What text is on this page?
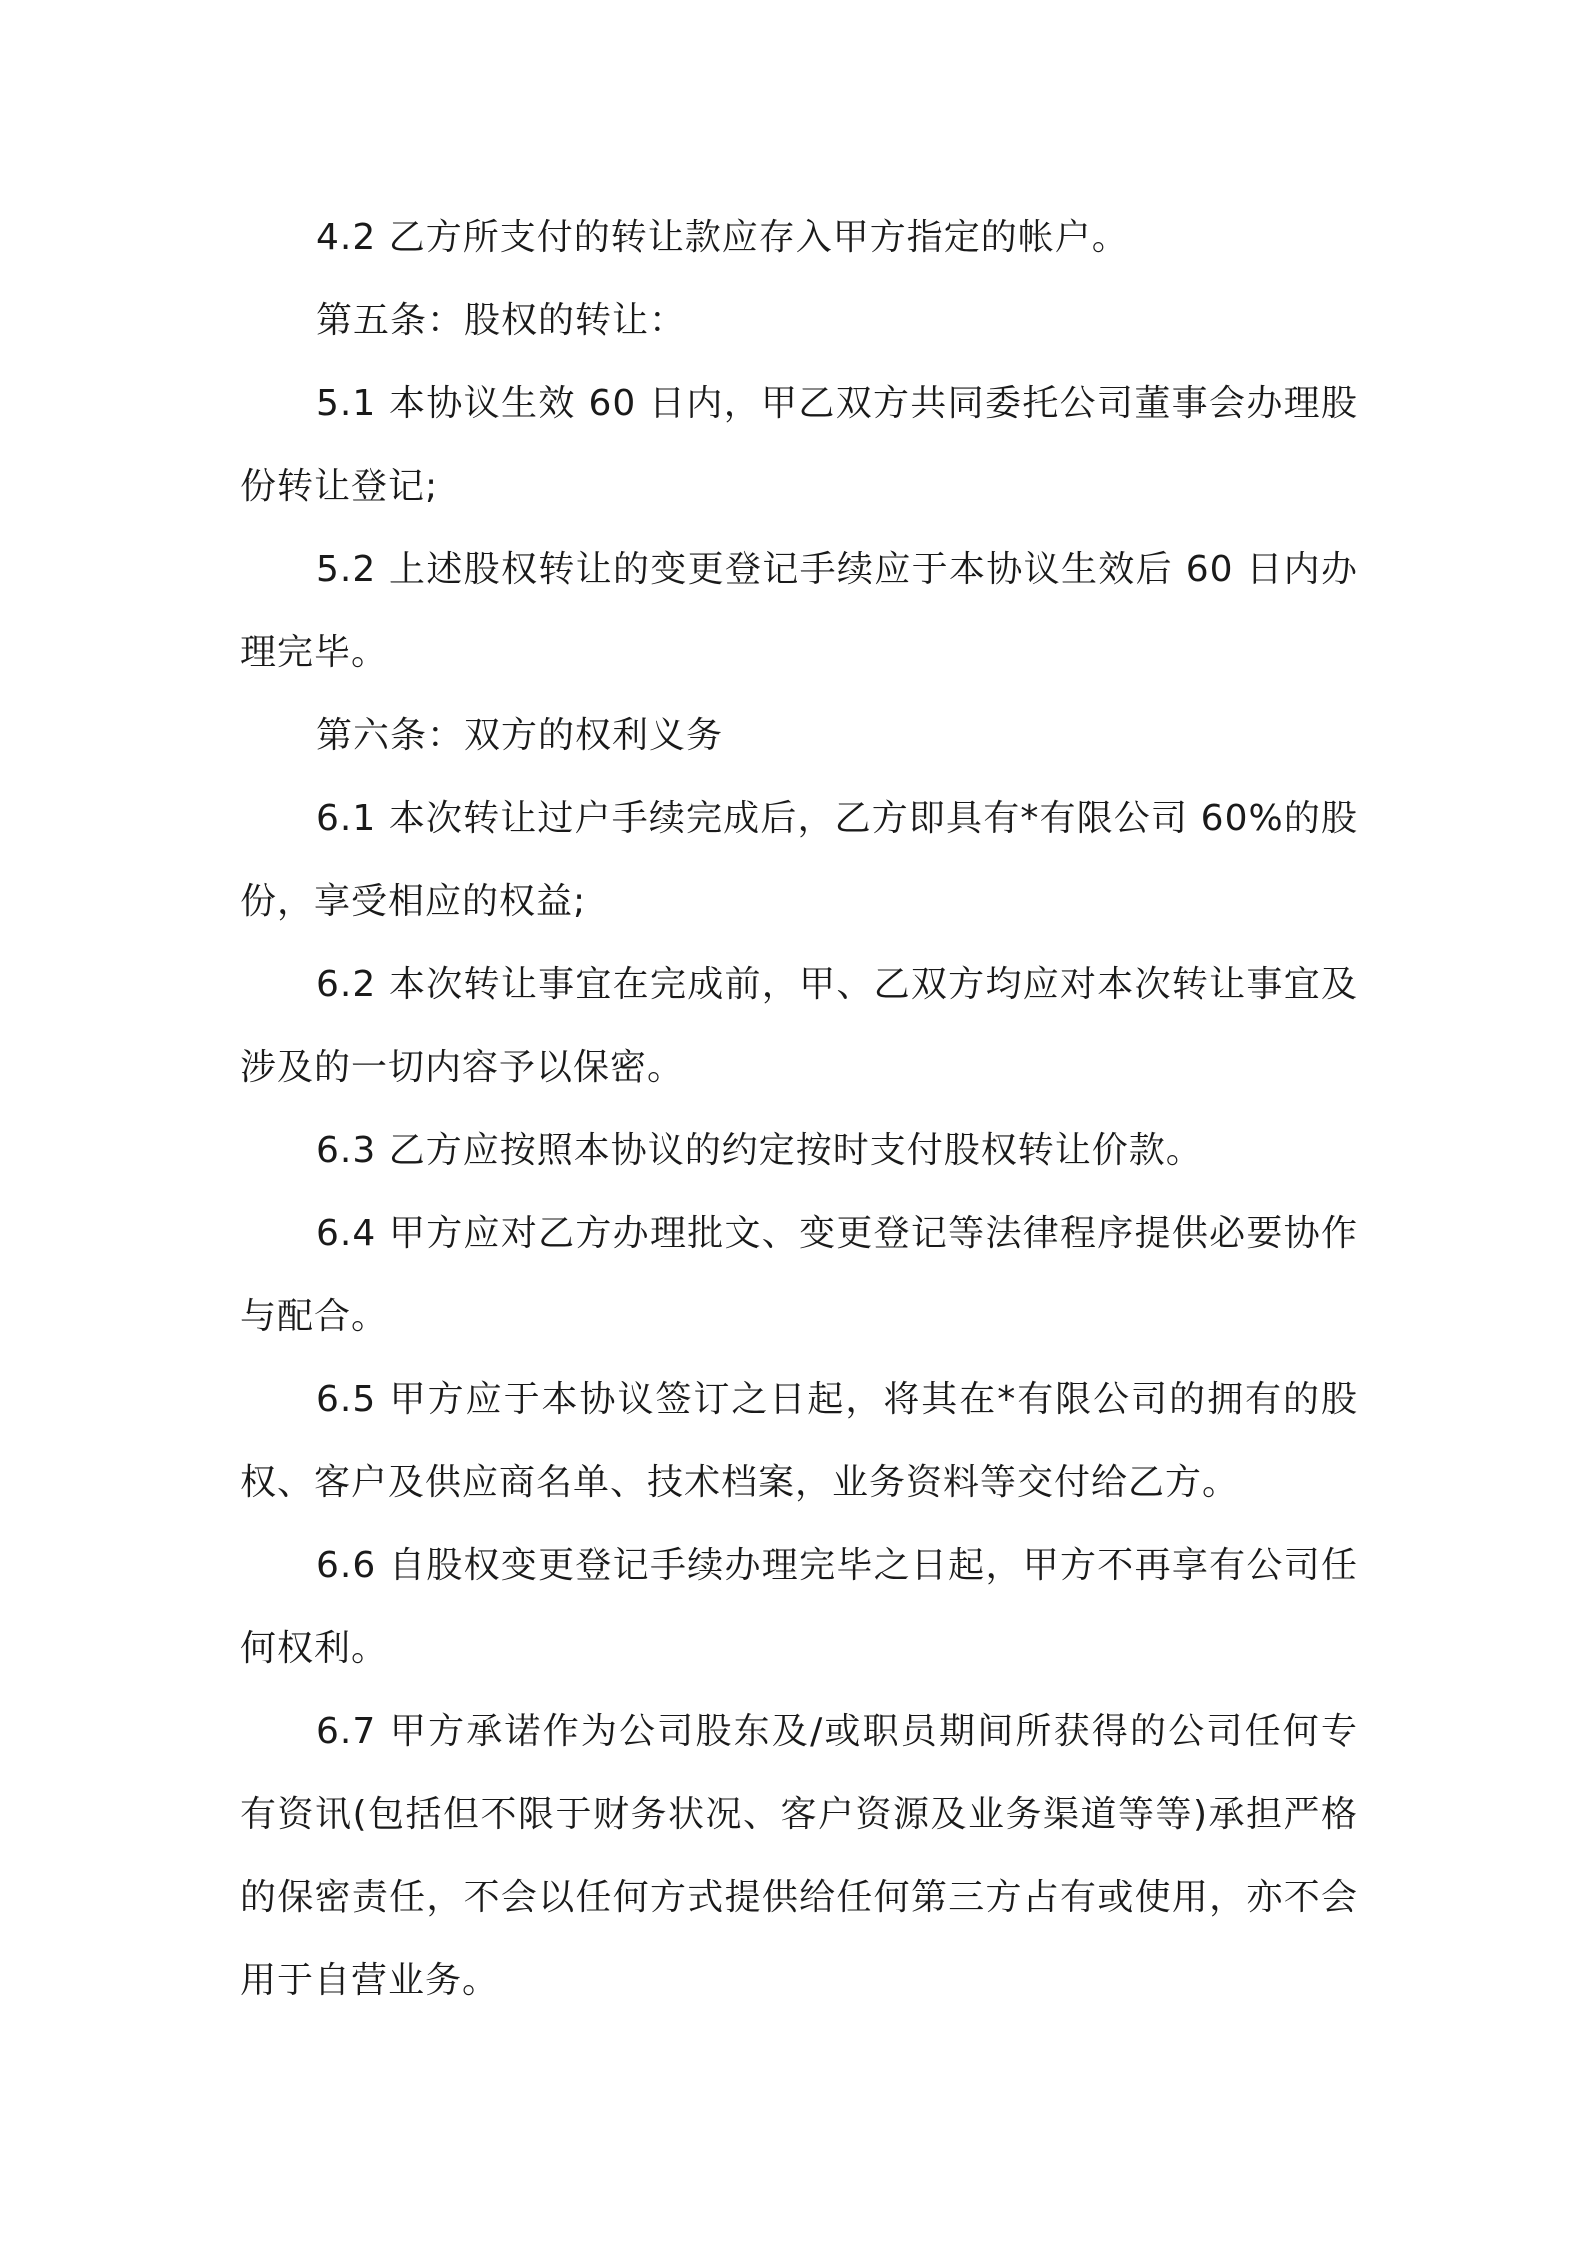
4.2 乙方所支付的转让款应存入甲方指定的帐户。

第五条：股权的转让：

5.1 本协议生效 60 日内，甲乙双方共同委托公司董事会办理股份转让登记;

5.2 上述股权转让的变更登记手续应于本协议生效后 60 日内办理完毕。

第六条：双方的权利义务

6.1 本次转让过户手续完成后，乙方即具有*有限公司 60%的股份，享受相应的权益;

6.2 本次转让事宜在完成前，甲、乙双方均应对本次转让事宜及涉及的一切内容予以保密。

6.3 乙方应按照本协议的约定按时支付股权转让价款。

6.4 甲方应对乙方办理批文、变更登记等法律程序提供必要协作与配合。

6.5 甲方应于本协议签订之日起，将其在*有限公司的拥有的股权、客户及供应商名单、技术档案，业务资料等交付给乙方。

6.6 自股权变更登记手续办理完毕之日起，甲方不再享有公司任何权利。

6.7 甲方承诺作为公司股东及/或职员期间所获得的公司任何专有资讯(包括但不限于财务状况、客户资源及业务渠道等等)承担严格的保密责任，不会以任何方式提供给任何第三方占有或使用，亦不会用于自营业务。
